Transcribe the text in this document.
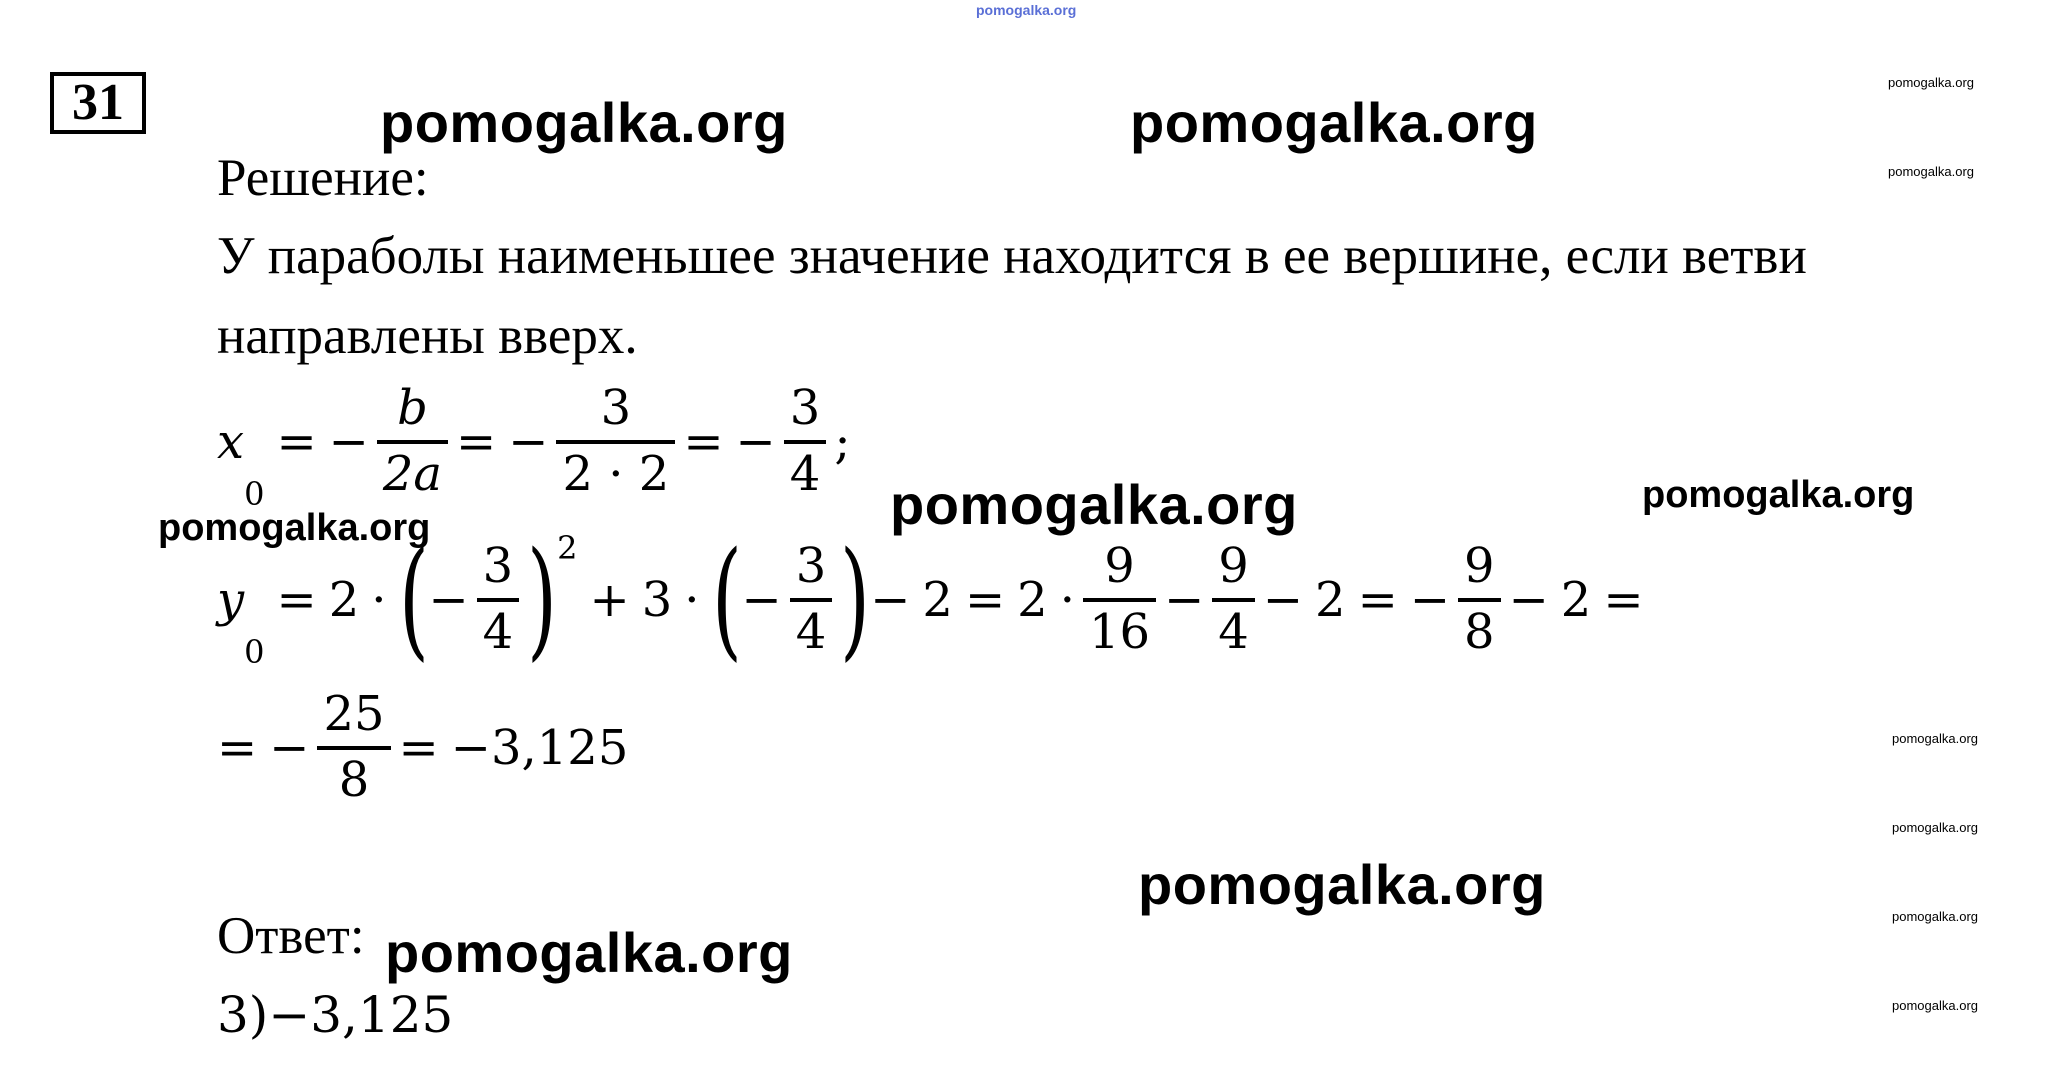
pomogalka.org
31	pomogalka.org	pomogalka.org
pomogalka.org
pomogalka.org
pomogalka.org
pomogalka.org
pomogalka.org
pomogalka.org
pomogalka.org
pomogalka.org
pomogalka.org
pomogalka.org
pomogalka.org
Решение:
У параболы наименьшее значение находится в ее вершине, если ветви
направлены вверх.
x
0
= − $\frac{b}{2a}$ = − $\frac{3}{2 \cdot 2}$ = − $\frac{3}{4}$ ;
y
0
= 2 · ( − $\frac{3}{4}$ ) 2
+ 3 · ( − $\frac{3}{4}$ ) − $2 = 2 \cdot \frac{9}{16} - \frac{9}{4} - 2$ = − $\frac{9}{8} - 2$ =
= − $\frac{25}{8} = -3,125$
Ответ:
3)−3,125
